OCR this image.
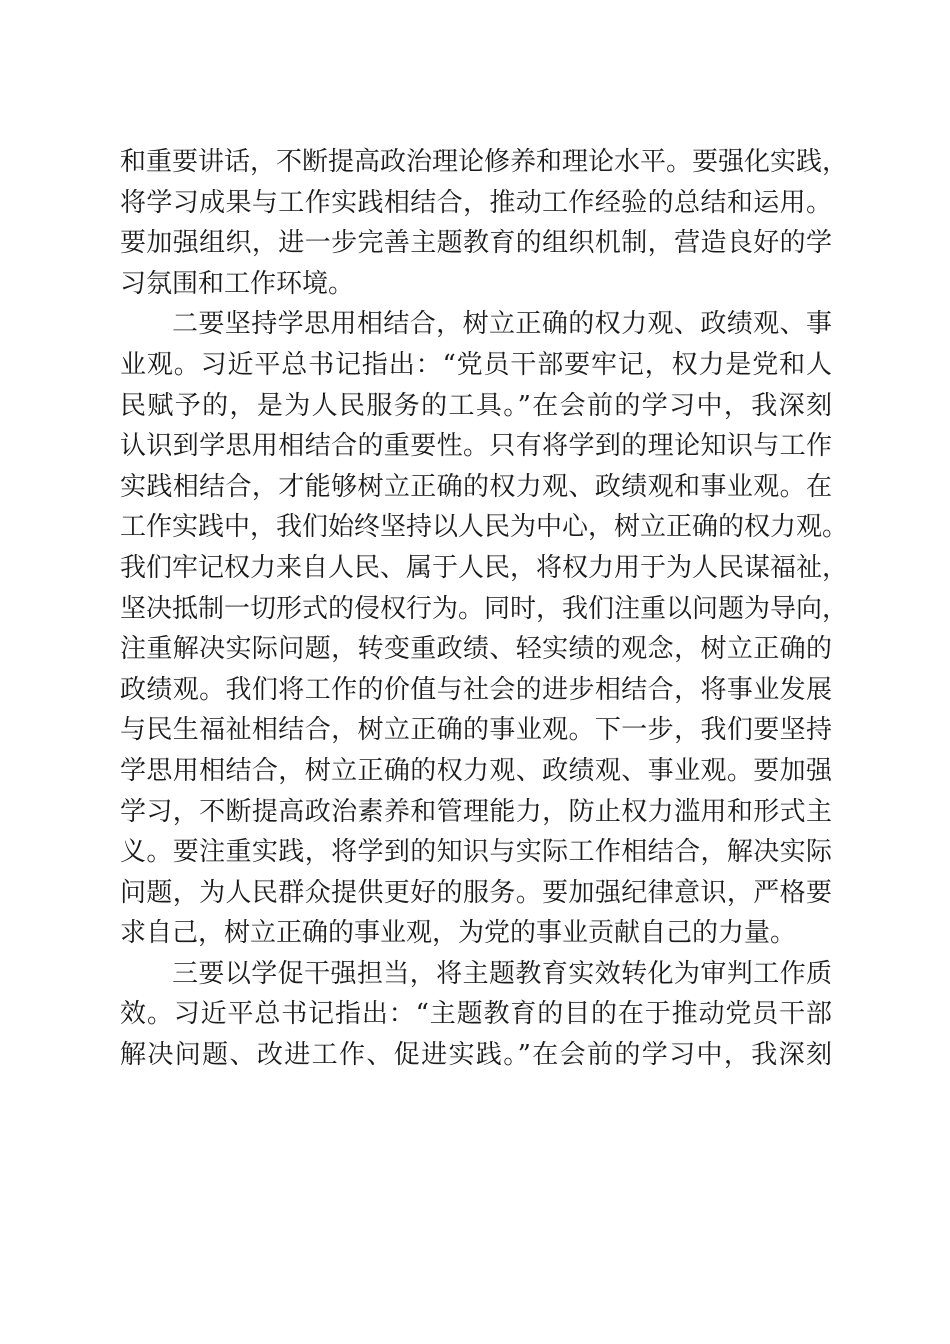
和重要讲话，不断提高政治理论修养和理论水平。要强化实践，
将学习成果与工作实践相结合，推动工作经验的总结和运用。
要加强组织，进一步完善主题教育的组织机制，营造良好的学
习氛围和工作环境。
二要坚持学思用相结合，树立正确的权力观、政绩观、事
业观。习近平总书记指出：“党员干部要牢记，权力是党和人
民赋予的，是为人民服务的工具。”在会前的学习中，我深刻
认识到学思用相结合的重要性。只有将学到的理论知识与工作
实践相结合，才能够树立正确的权力观、政绩观和事业观。在
工作实践中，我们始终坚持以人民为中心，树立正确的权力观。
我们牢记权力来自人民、属于人民，将权力用于为人民谋福祉，
坚决抵制一切形式的侵权行为。同时，我们注重以问题为导向，
注重解决实际问题，转变重政绩、轻实绩的观念，树立正确的
政绩观。我们将工作的价值与社会的进步相结合，将事业发展
与民生福祉相结合，树立正确的事业观。下一步，我们要坚持
学思用相结合，树立正确的权力观、政绩观、事业观。要加强
学习，不断提高政治素养和管理能力，防止权力滥用和形式主
义。要注重实践，将学到的知识与实际工作相结合，解决实际
问题，为人民群众提供更好的服务。要加强纪律意识，严格要
求自己，树立正确的事业观，为党的事业贡献自己的力量。
三要以学促干强担当，将主题教育实效转化为审判工作质
效。习近平总书记指出：“主题教育的目的在于推动党员干部
解决问题、改进工作、促进实践。”在会前的学习中，我深刻
